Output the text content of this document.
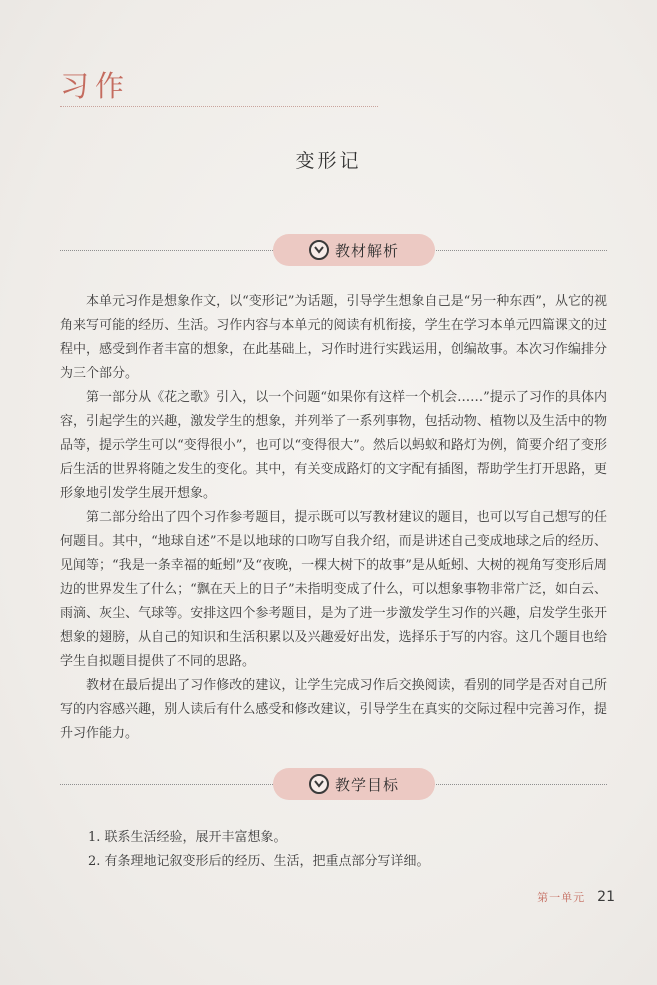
习作
变形记
教材解析

本单元习作是想象作文，以“变形记”为话题，引导学生想象自己是“另一种东西”，从它的视角来写可能的经历、生活。习作内容与本单元的阅读有机衔接，学生在学习本单元四篇课文的过程中，感受到作者丰富的想象，在此基础上，习作时进行实践运用，创编故事。本次习作编排分为三个部分。

第一部分从《花之歌》引入，以一个问题“如果你有这样一个机会……”提示了习作的具体内容，引起学生的兴趣，激发学生的想象，并列举了一系列事物，包括动物、植物以及生活中的物品等，提示学生可以“变得很小”，也可以“变得很大”。然后以蚂蚁和路灯为例，简要介绍了变形后生活的世界将随之发生的变化。其中，有关变成路灯的文字配有插图，帮助学生打开思路，更形象地引发学生展开想象。

第二部分给出了四个习作参考题目，提示既可以写教材建议的题目，也可以写自己想写的任何题目。其中，“地球自述”不是以地球的口吻写自我介绍，而是讲述自己变成地球之后的经历、见闻等；“我是一条幸福的蚯蚓”及“夜晚，一棵大树下的故事”是从蚯蚓、大树的视角写变形后周边的世界发生了什么；“飘在天上的日子”未指明变成了什么，可以想象事物非常广泛，如白云、雨滴、灰尘、气球等。安排这四个参考题目，是为了进一步激发学生习作的兴趣，启发学生张开想象的翅膀，从自己的知识和生活积累以及兴趣爱好出发，选择乐于写的内容。这几个题目也给学生自拟题目提供了不同的思路。

教材在最后提出了习作修改的建议，让学生完成习作后交换阅读，看别的同学是否对自己所写的内容感兴趣，别人读后有什么感受和修改建议，引导学生在真实的交际过程中完善习作，提升习作能力。

教学目标
1. 联系生活经验，展开丰富想象。
2. 有条理地记叙变形后的经历、生活，把重点部分写详细。
第一单元 21
